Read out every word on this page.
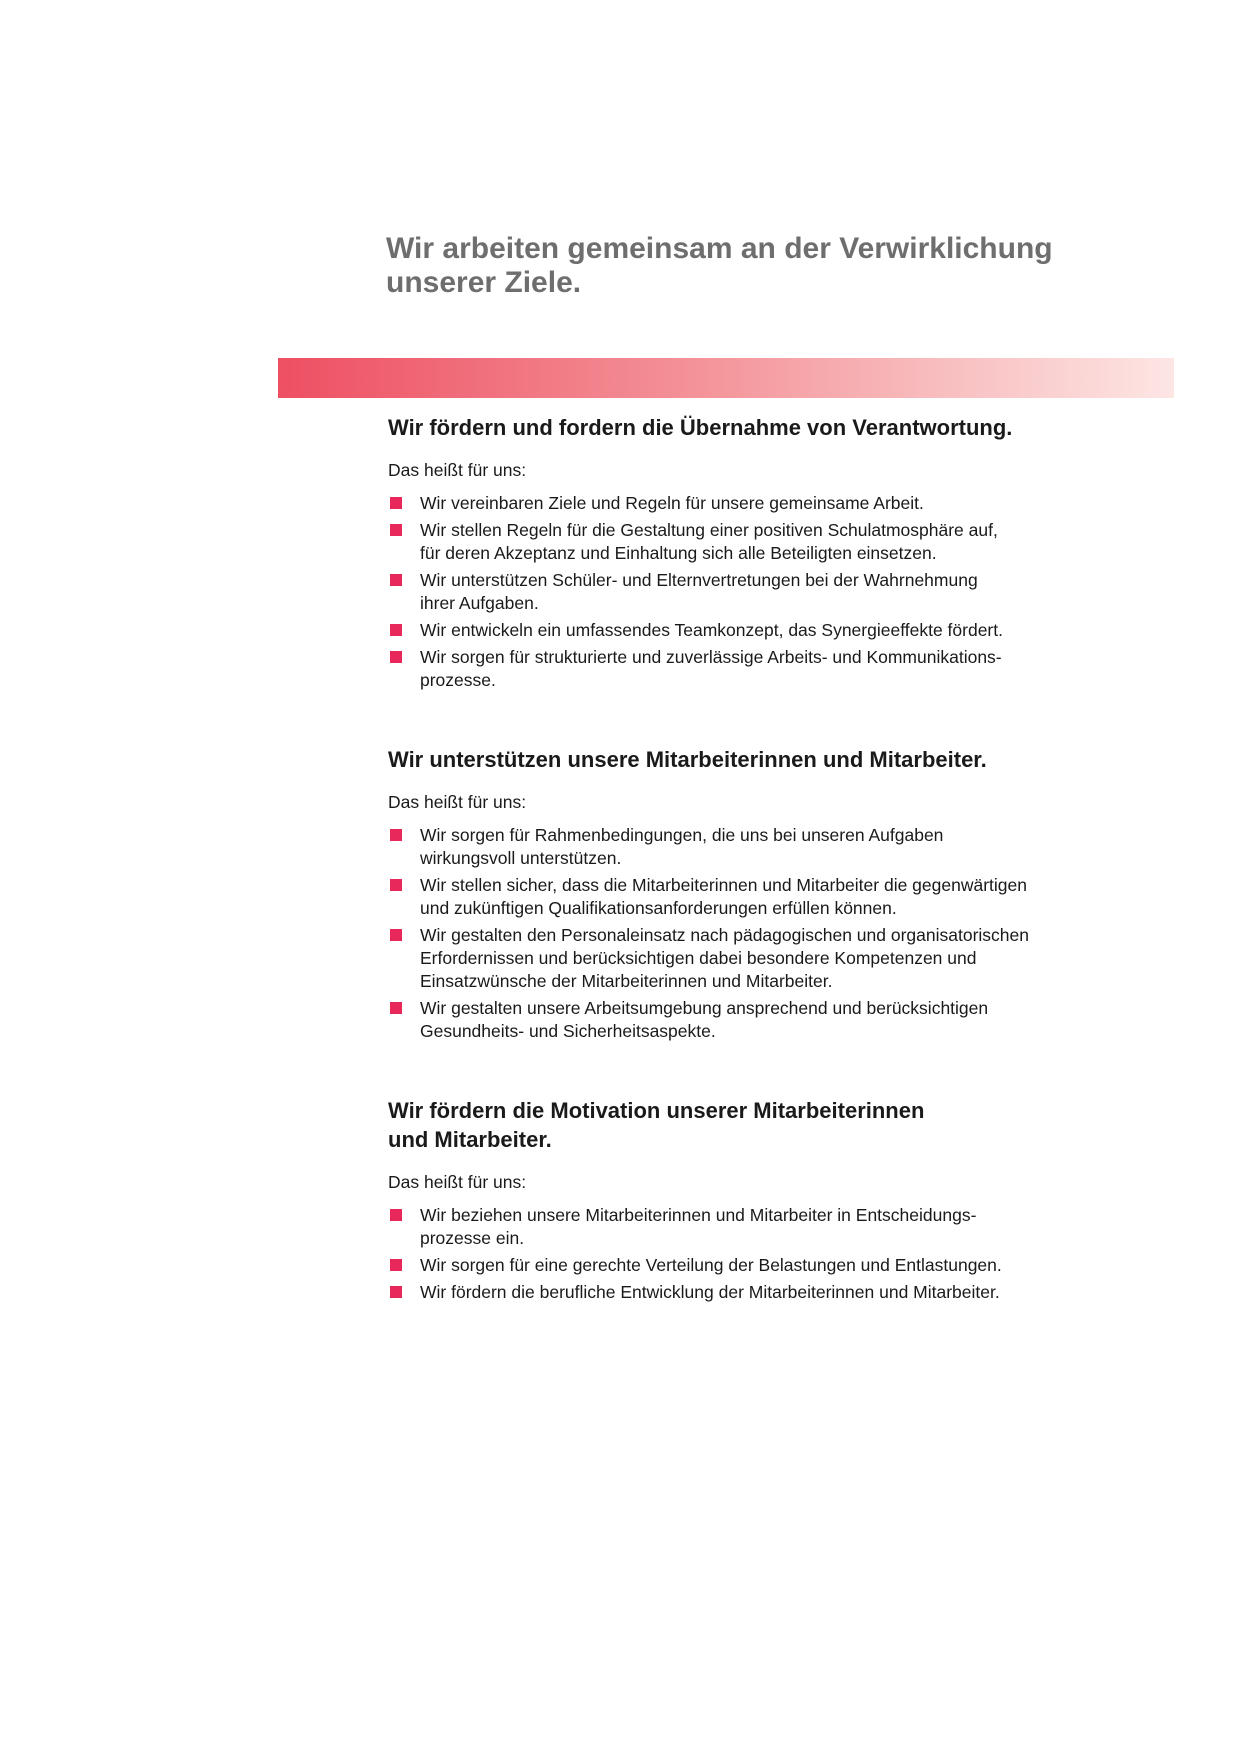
Wir arbeiten gemeinsam an der Verwirklichung
unserer Ziele.
Wir fördern und fordern die Übernahme von Verantwortung.

Das heißt für uns:

Wir vereinbaren Ziele und Regeln für unsere gemeinsame Arbeit.
Wir stellen Regeln für die Gestaltung einer positiven Schulatmosphäre auf,
für deren Akzeptanz und Einhaltung sich alle Beteiligten einsetzen.
Wir unterstützen Schüler- und Elternvertretungen bei der Wahrnehmung
ihrer Aufgaben.
Wir entwickeln ein umfassendes Teamkonzept, das Synergieeffekte fördert.
Wir sorgen für strukturierte und zuverlässige Arbeits- und Kommunikations-
prozesse.
Wir unterstützen unsere Mitarbeiterinnen und Mitarbeiter.

Das heißt für uns:

Wir sorgen für Rahmenbedingungen, die uns bei unseren Aufgaben
wirkungsvoll unterstützen.
Wir stellen sicher, dass die Mitarbeiterinnen und Mitarbeiter die gegenwärtigen
und zukünftigen Qualifikationsanforderungen erfüllen können.
Wir gestalten den Personaleinsatz nach pädagogischen und organisatorischen
Erfordernissen und berücksichtigen dabei besondere Kompetenzen und
Einsatzwünsche der Mitarbeiterinnen und Mitarbeiter.
Wir gestalten unsere Arbeitsumgebung ansprechend und berücksichtigen
Gesundheits- und Sicherheitsaspekte.
Wir fördern die Motivation unserer Mitarbeiterinnen
und Mitarbeiter.

Das heißt für uns:

Wir beziehen unsere Mitarbeiterinnen und Mitarbeiter in Entscheidungs-
prozesse ein.
Wir sorgen für eine gerechte Verteilung der Belastungen und Entlastungen.
Wir fördern die berufliche Entwicklung der Mitarbeiterinnen und Mitarbeiter.
